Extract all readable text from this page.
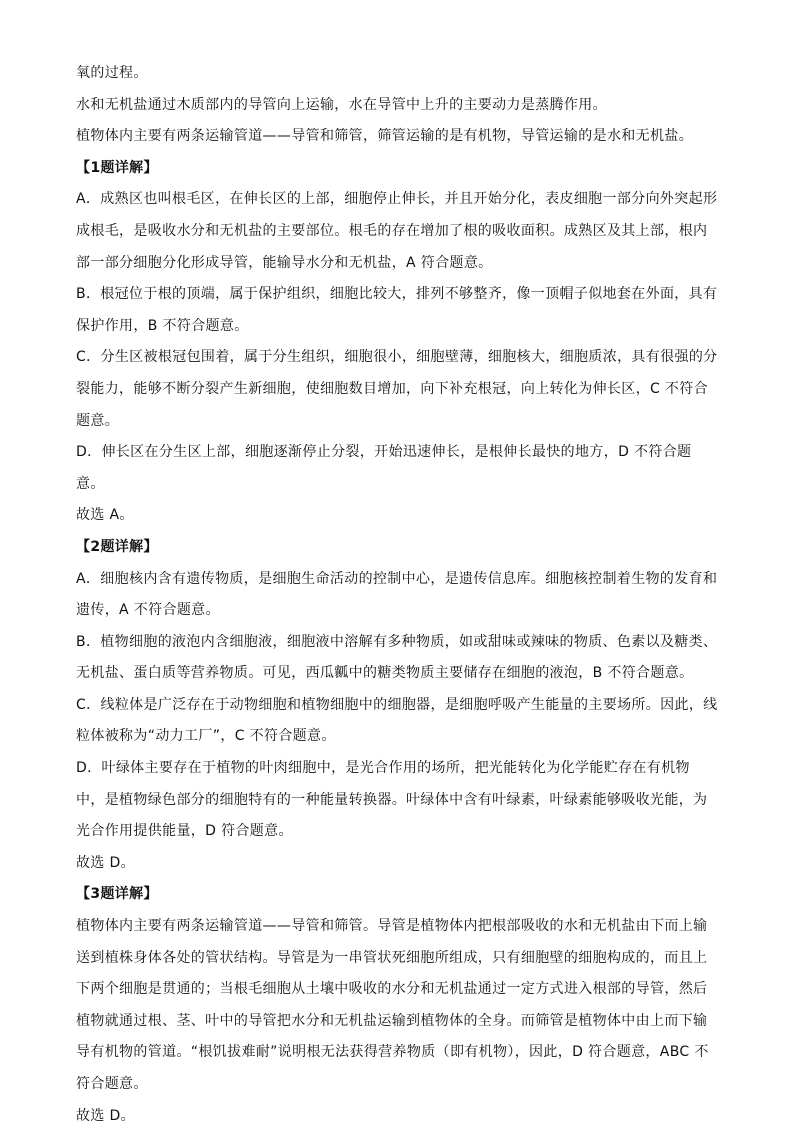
氧的过程。

水和无机盐通过木质部内的导管向上运输，水在导管中上升的主要动力是蒸腾作用。

植物体内主要有两条运输管道——导管和筛管，筛管运输的是有机物，导管运输的是水和无机盐。

【1题详解】

A．成熟区也叫根毛区，在伸长区的上部，细胞停止伸长，并且开始分化，表皮细胞一部分向外突起形成根毛，是吸收水分和无机盐的主要部位。根毛的存在增加了根的吸收面积。成熟区及其上部，根内部一部分细胞分化形成导管，能输导水分和无机盐，A 符合题意。

B．根冠位于根的顶端，属于保护组织，细胞比较大，排列不够整齐，像一顶帽子似地套在外面，具有保护作用，B 不符合题意。

C．分生区被根冠包围着，属于分生组织，细胞很小，细胞壁薄，细胞核大，细胞质浓，具有很强的分裂能力，能够不断分裂产生新细胞，使细胞数目增加，向下补充根冠，向上转化为伸长区，C 不符合题意。

D．伸长区在分生区上部，细胞逐渐停止分裂，开始迅速伸长，是根伸长最快的地方，D 不符合题意。

故选 A。

【2题详解】

A．细胞核内含有遗传物质，是细胞生命活动的控制中心，是遗传信息库。细胞核控制着生物的发育和遗传，A 不符合题意。

B．植物细胞的液泡内含细胞液，细胞液中溶解有多种物质，如或甜味或辣味的物质、色素以及糖类、无机盐、蛋白质等营养物质。可见，西瓜瓤中的糖类物质主要储存在细胞的液泡，B 不符合题意。

C．线粒体是广泛存在于动物细胞和植物细胞中的细胞器，是细胞呼吸产生能量的主要场所。因此，线粒体被称为“动力工厂”，C 不符合题意。

D．叶绿体主要存在于植物的叶肉细胞中，是光合作用的场所，把光能转化为化学能贮存在有机物中，是植物绿色部分的细胞特有的一种能量转换器。叶绿体中含有叶绿素，叶绿素能够吸收光能，为光合作用提供能量，D 符合题意。

故选 D。

【3题详解】

植物体内主要有两条运输管道——导管和筛管。导管是植物体内把根部吸收的水和无机盐由下而上输送到植株身体各处的管状结构。导管是为一串管状死细胞所组成，只有细胞壁的细胞构成的，而且上下两个细胞是贯通的；当根毛细胞从土壤中吸收的水分和无机盐通过一定方式进入根部的导管，然后植物就通过根、茎、叶中的导管把水分和无机盐运输到植物体的全身。而筛管是植物体中由上而下输导有机物的管道。“根饥拔难耐”说明根无法获得营养物质（即有机物），因此，D 符合题意，ABC 不符合题意。

故选 D。
